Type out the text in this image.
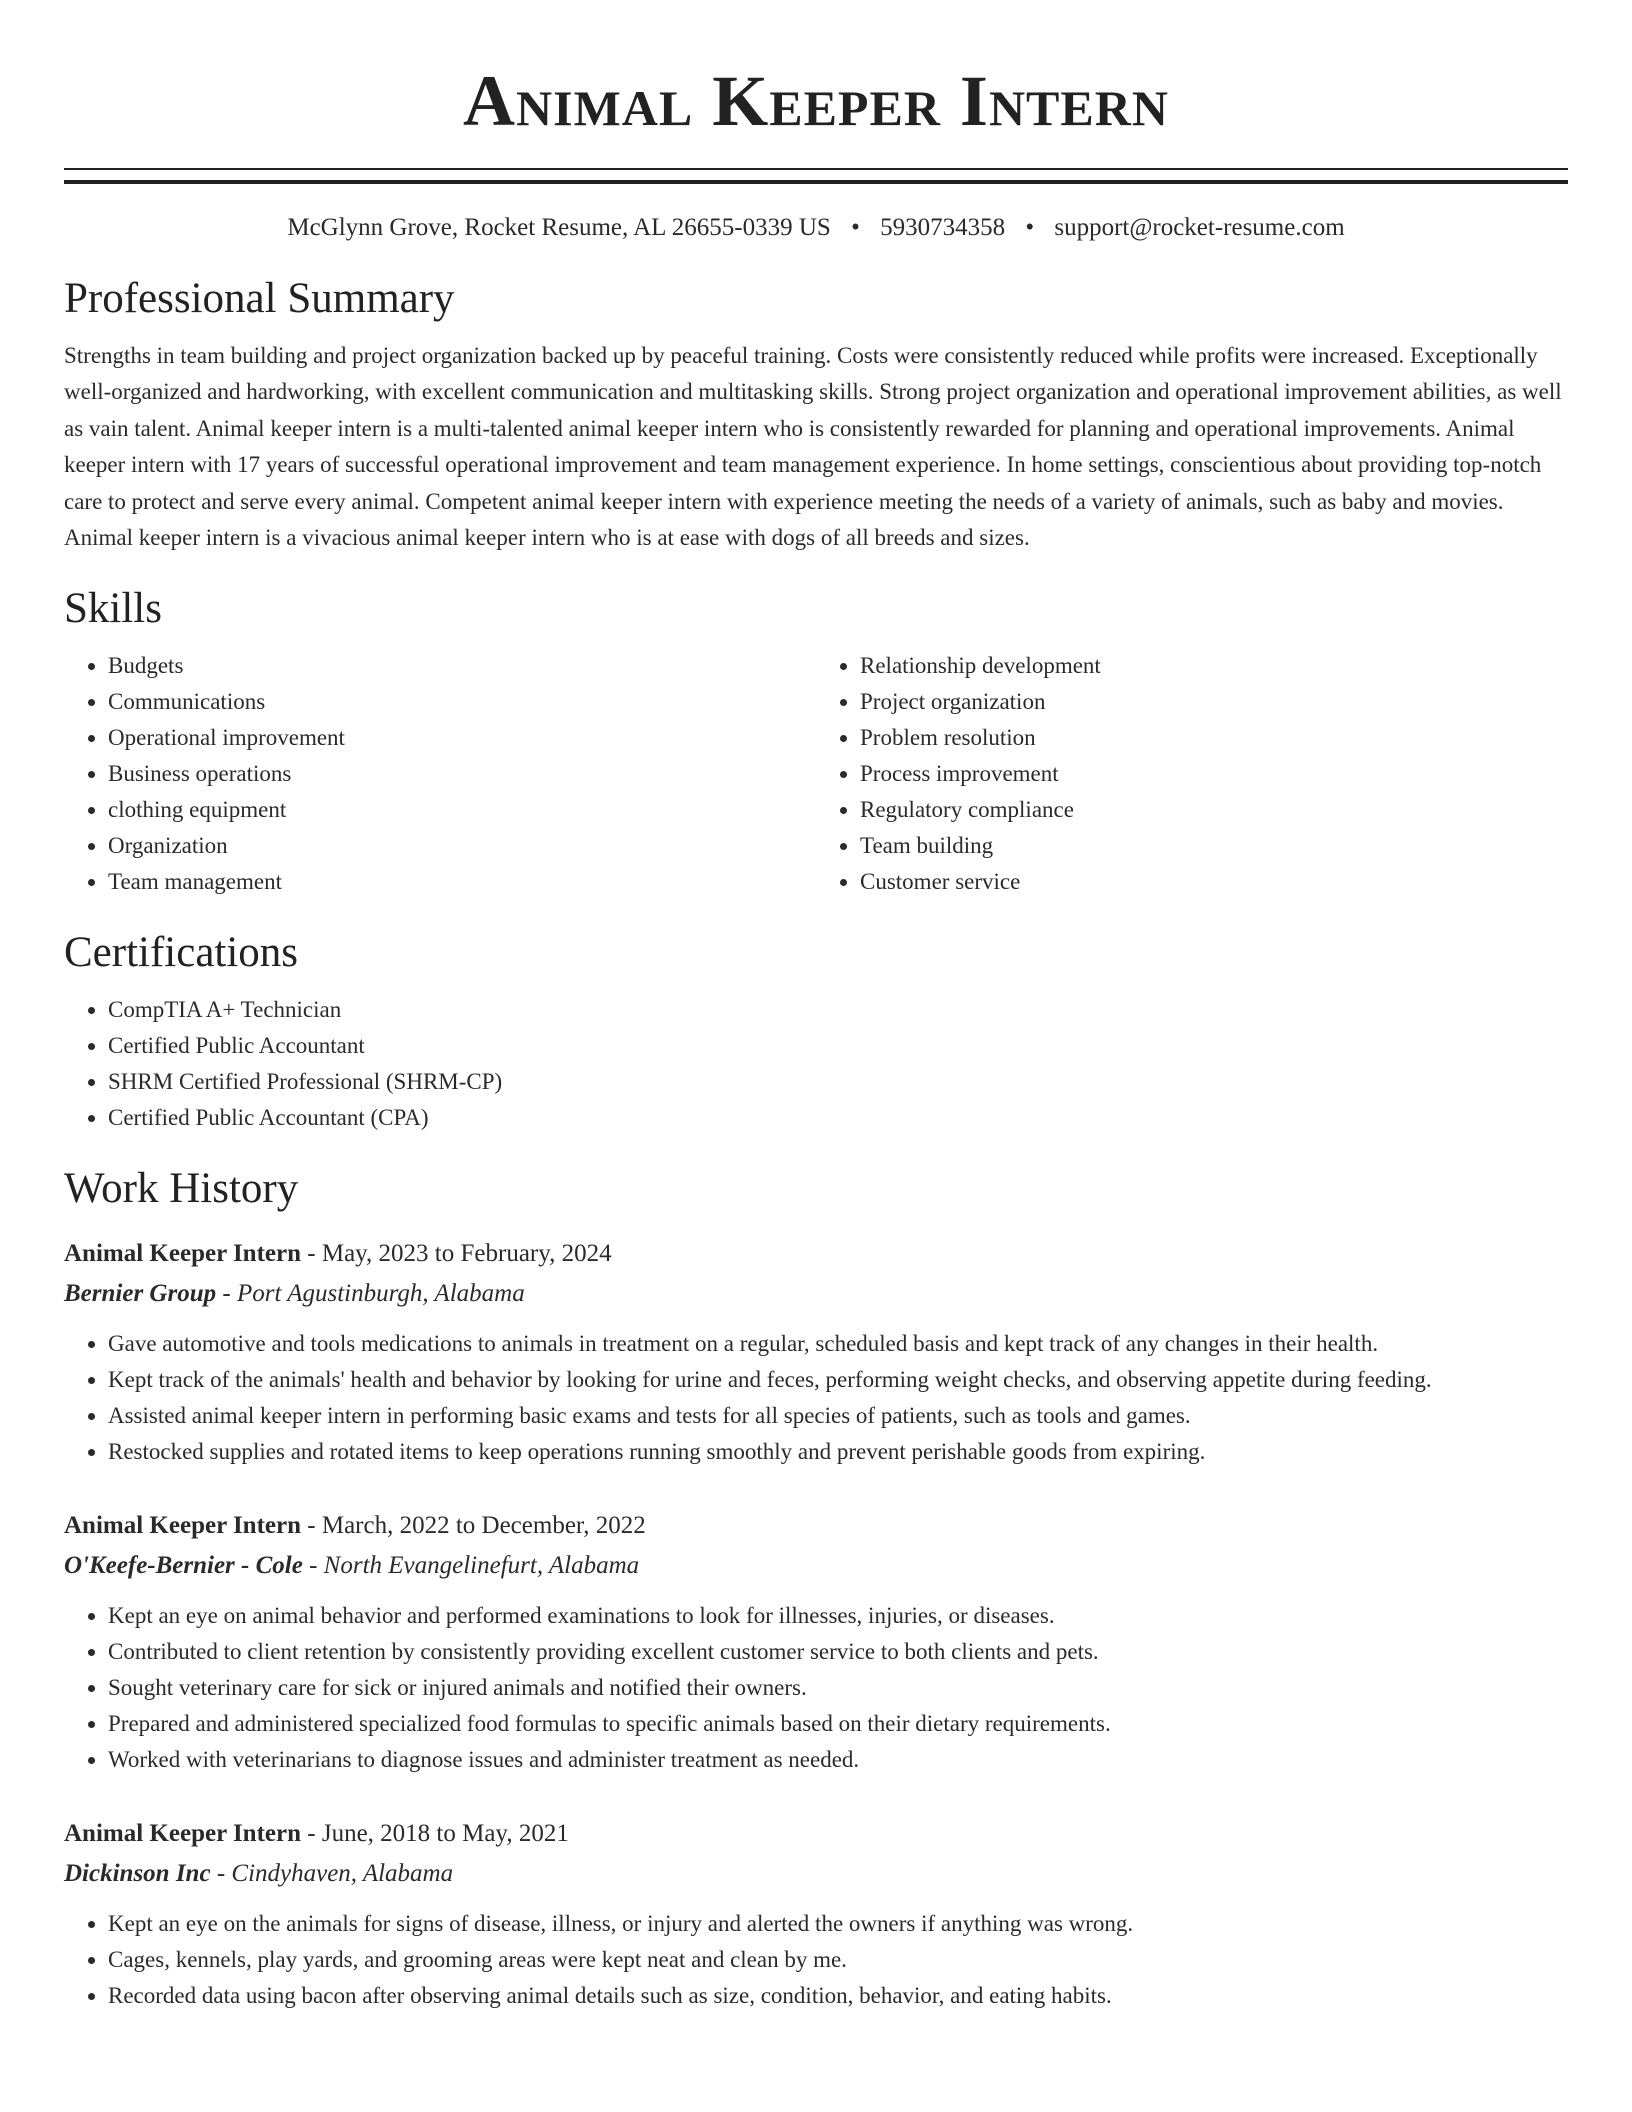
Animal Keeper Intern
McGlynn Grove, Rocket Resume, AL 26655-0339 US • 5930734358 • support@rocket-resume.com
Professional Summary

Strengths in team building and project organization backed up by peaceful training. Costs were consistently reduced while profits were increased. Exceptionally well-organized and hardworking, with excellent communication and multitasking skills. Strong project organization and operational improvement abilities, as well as vain talent. Animal keeper intern is a multi-talented animal keeper intern who is consistently rewarded for planning and operational improvements. Animal keeper intern with 17 years of successful operational improvement and team management experience. In home settings, conscientious about providing top-notch care to protect and serve every animal. Competent animal keeper intern with experience meeting the needs of a variety of animals, such as baby and movies. Animal keeper intern is a vivacious animal keeper intern who is at ease with dogs of all breeds and sizes.

Skills
• Budgets
• Communications
• Operational improvement
• Business operations
• clothing equipment
• Organization
• Team management
• Relationship development
• Project organization
• Problem resolution
• Process improvement
• Regulatory compliance
• Team building
• Customer service
Certifications
• CompTIA A+ Technician
• Certified Public Accountant
• SHRM Certified Professional (SHRM-CP)
• Certified Public Accountant (CPA)
Work History
Animal Keeper Intern - May, 2023 to February, 2024
Bernier Group - Port Agustinburgh, Alabama
• Gave automotive and tools medications to animals in treatment on a regular, scheduled basis and kept track of any changes in their health.
• Kept track of the animals' health and behavior by looking for urine and feces, performing weight checks, and observing appetite during feeding.
• Assisted animal keeper intern in performing basic exams and tests for all species of patients, such as tools and games.
• Restocked supplies and rotated items to keep operations running smoothly and prevent perishable goods from expiring.
Animal Keeper Intern - March, 2022 to December, 2022
O'Keefe-Bernier - Cole - North Evangelinefurt, Alabama
• Kept an eye on animal behavior and performed examinations to look for illnesses, injuries, or diseases.
• Contributed to client retention by consistently providing excellent customer service to both clients and pets.
• Sought veterinary care for sick or injured animals and notified their owners.
• Prepared and administered specialized food formulas to specific animals based on their dietary requirements.
• Worked with veterinarians to diagnose issues and administer treatment as needed.
Animal Keeper Intern - June, 2018 to May, 2021
Dickinson Inc - Cindyhaven, Alabama
• Kept an eye on the animals for signs of disease, illness, or injury and alerted the owners if anything was wrong.
• Cages, kennels, play yards, and grooming areas were kept neat and clean by me.
• Recorded data using bacon after observing animal details such as size, condition, behavior, and eating habits.
